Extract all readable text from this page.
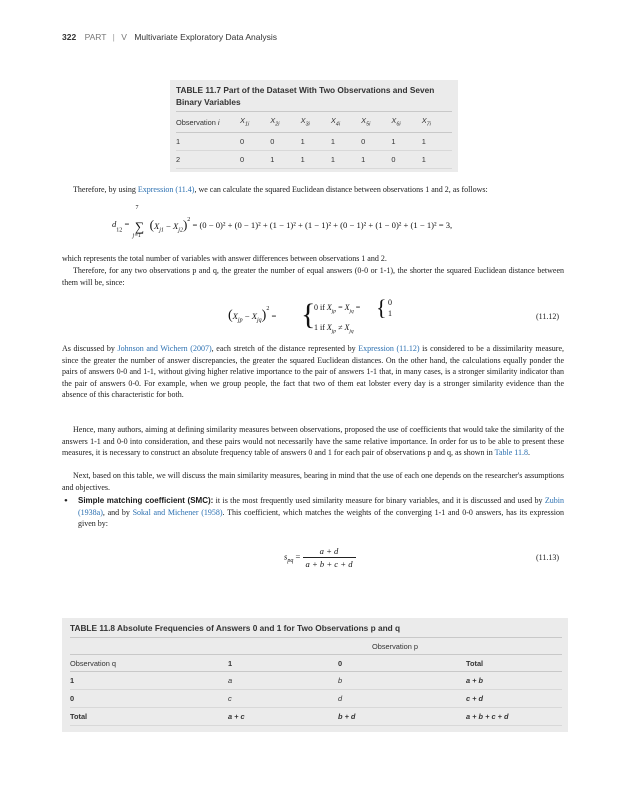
322 PART | V Multivariate Exploratory Data Analysis
TABLE 11.7 Part of the Dataset With Two Observations and Seven Binary Variables
Observation i	$X_{1i}$	$X_{2i}$	$X_{3i}$	$X_{4i}$	$X_{5i}$	$X_{6i}$	$X_{7i}$
1	0	0	1	1	0	1	1
2	0	1	1	1	1	0	1
Therefore, by using Expression (11.4), we can calculate the squared Euclidean distance between observations 1 and 2, as follows:
$d_{12}$ =
7
∑
j=1
$(X_{j1} - X_{j2})^2 = (0 - 0)^2 + (0 - 1)^2 + (1 - 1)^2 + (1 - 1)^2 + (0 - 1)^2 + (1 - 0)^2 + (1 - 1)^2 = 3$,
which represents the total number of variables with answer differences between observations 1 and 2.
Therefore, for any two observations p and q, the greater the number of equal answers (0-0 or 1-1), the shorter the squared Euclidean distance between them will be, since:
$(X_{jp} - X_{jq})^2$ = {
0 if $X_{jp} = X_{jq}$ = { 0
1
1 if $X_{jp} \ne X_{jq}$
(11.12)
As discussed by Johnson and Wichern (2007), each stretch of the distance represented by Expression (11.12) is considered to be a dissimilarity measure, since the greater the number of answer discrepancies, the greater the squared Euclidean distances. On the other hand, the calculations equally ponder the pairs of answers 0-0 and 1-1, without giving higher relative importance to the pair of answers 1-1 that, in many cases, is a stronger similarity indicator than the pair of answers 0-0. For example, when we group people, the fact that two of them eat lobster every day is a stronger similarity evidence than the absence of this characteristic for both.
Hence, many authors, aiming at defining similarity measures between observations, proposed the use of coefficients that would take the similarity of the answers 1-1 and 0-0 into consideration, and these pairs would not necessarily have the same relative importance. In order for us to be able to present these measures, it is necessary to construct an absolute frequency table of answers 0 and 1 for each pair of observations p and q, as shown in Table 11.8.
Next, based on this table, we will discuss the main similarity measures, bearing in mind that the use of each one depends on the researcher's assumptions and objectives.
• Simple matching coefficient (SMC): it is the most frequently used similarity measure for binary variables, and it is discussed and used by Zubin (1938a), and by Sokal and Michener (1958). This coefficient, which matches the weights of the converging 1-1 and 0-0 answers, has its expression given by:
$s_{pq} = \frac{a + d}{a + b + c + d}$	(11.13)
TABLE 11.8 Absolute Frequencies of Answers 0 and 1 for Two Observations p and q
	Observation p		
Observation q	1	0	Total
1	a	b	a + b
0	c	d	c + d
Total	a + c	b + d	a + b + c + d
